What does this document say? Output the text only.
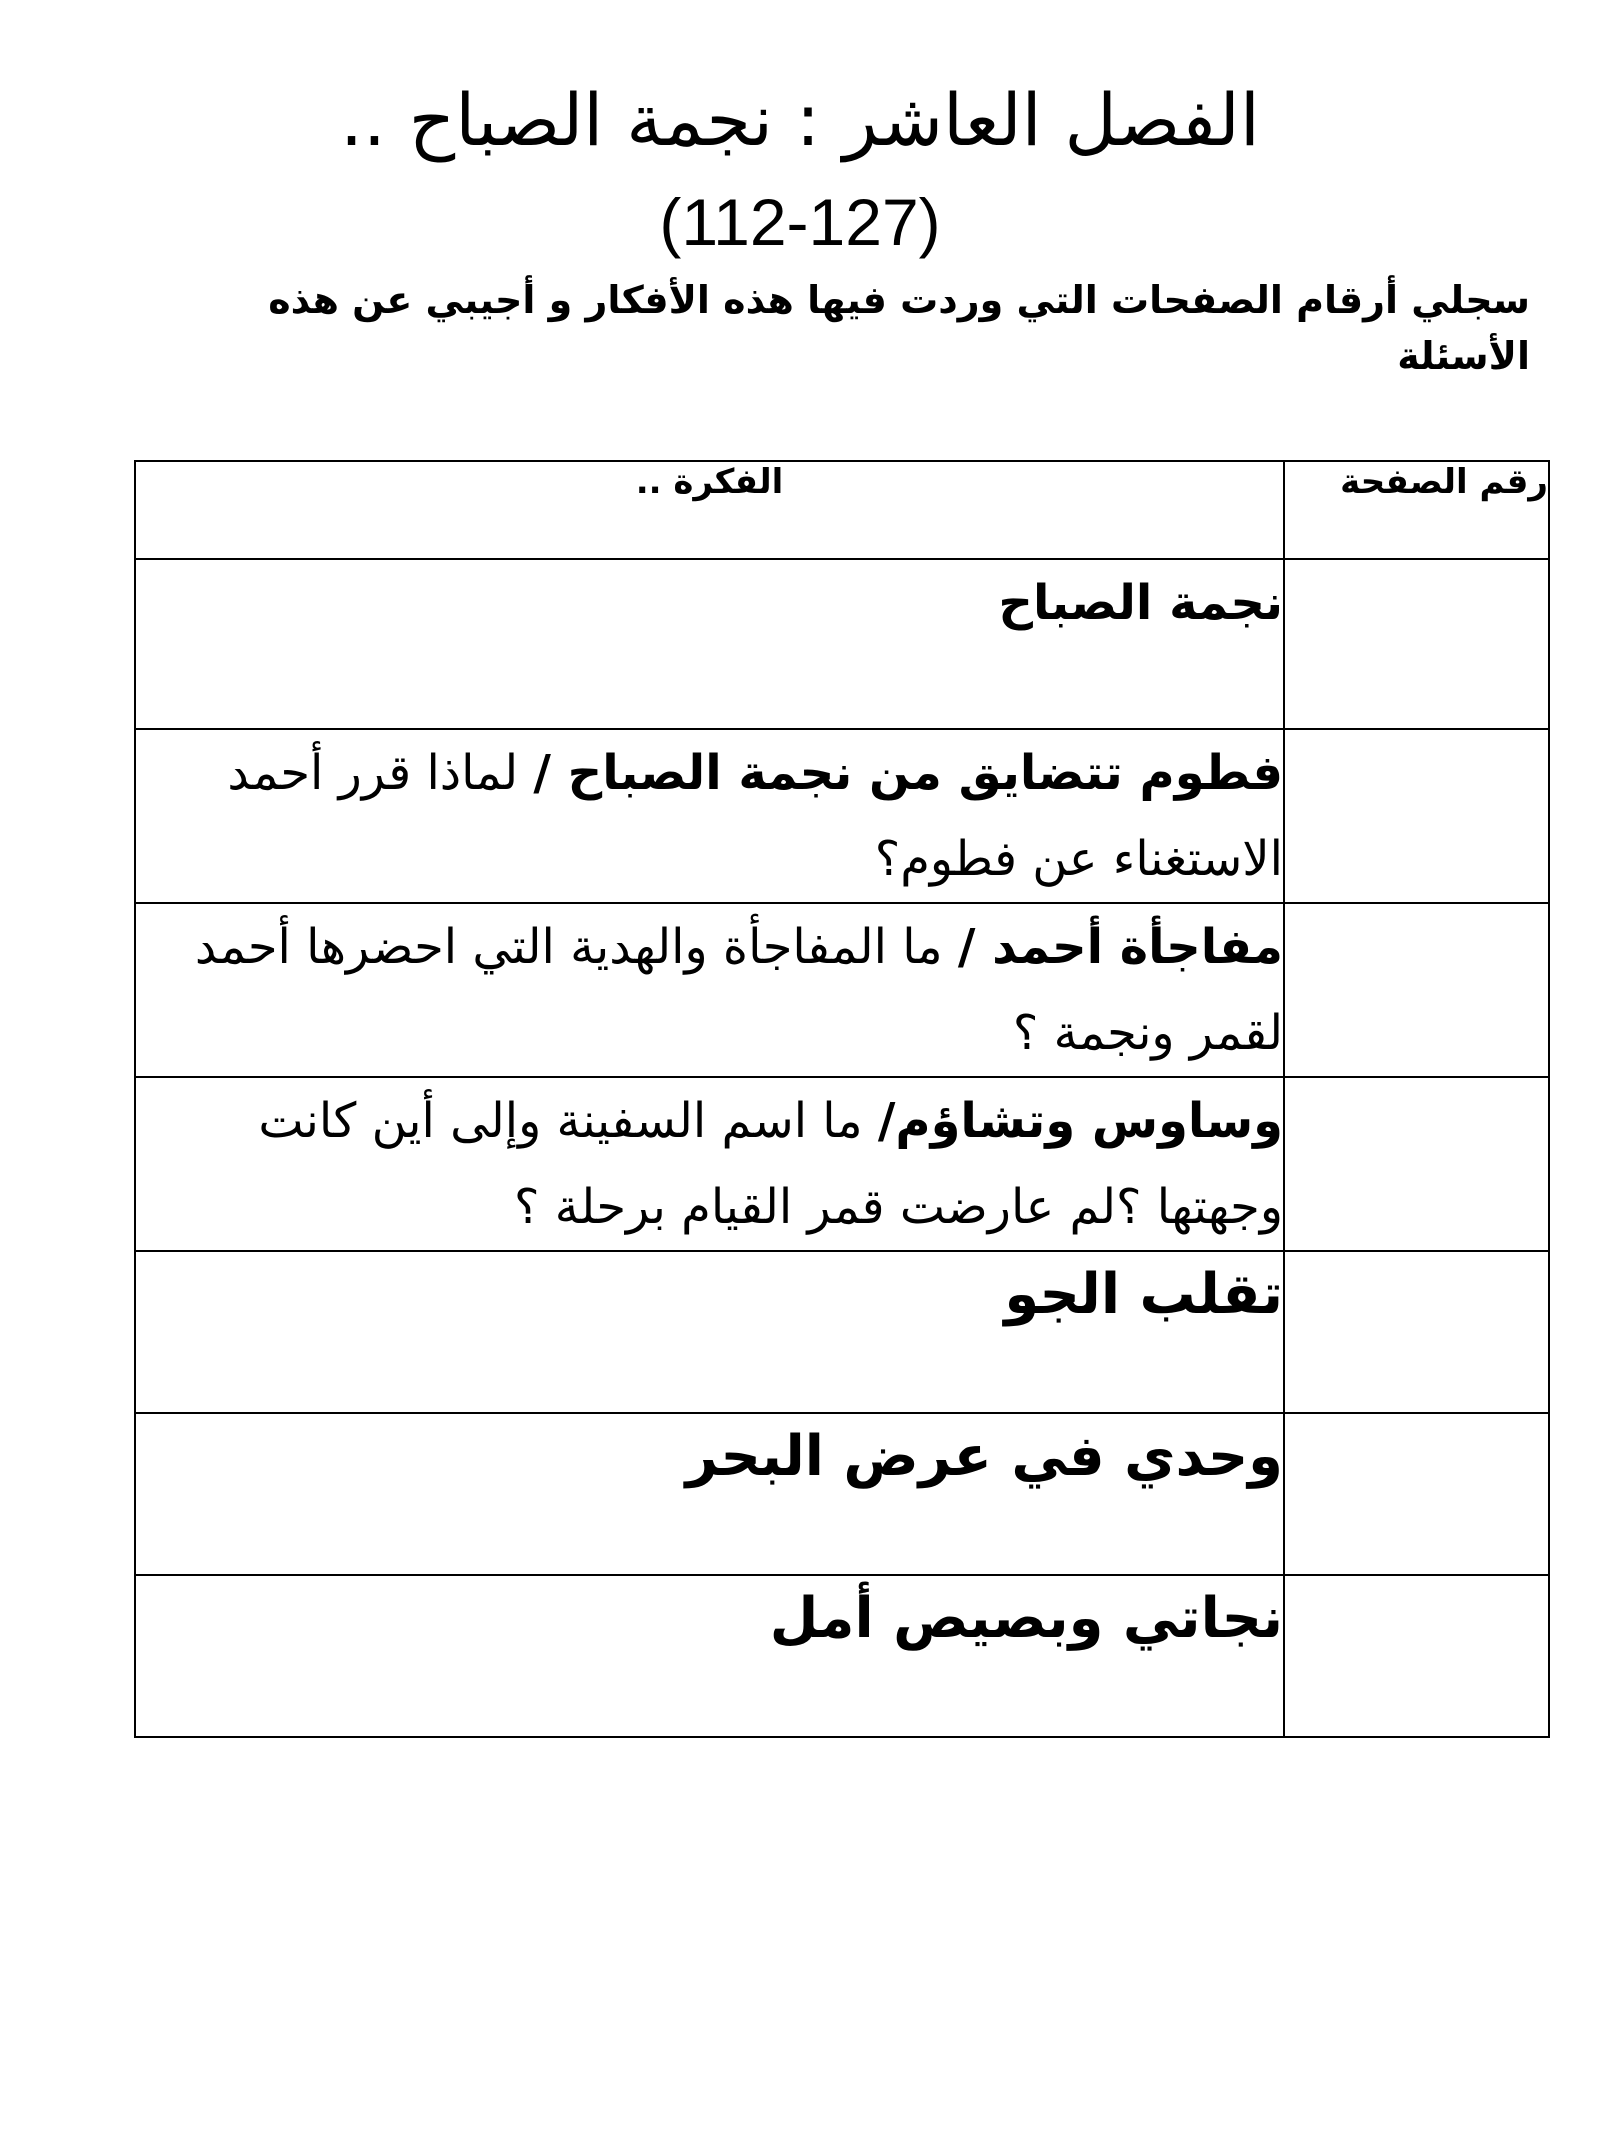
الفصل العاشر : نجمة الصباح ..
(112-127)
سجلي أرقام الصفحات التي وردت فيها هذه الأفكار و أجيبي عن هذه الأسئلة
رقم الصفحة	الفكرة ..
	نجمة الصباح
	فطوم تتضايق من نجمة الصباح / لماذا قرر أحمد الاستغناء عن فطوم؟
	مفاجأة أحمد / ما المفاجأة والهدية التي احضرها أحمد لقمر ونجمة ؟
	وساوس وتشاؤم/ ما اسم السفينة وإلى أين كانت وجهتها ؟لم عارضت قمر القيام برحلة ؟
	تقلب الجو
	وحدي في عرض البحر
	نجاتي وبصيص أمل
